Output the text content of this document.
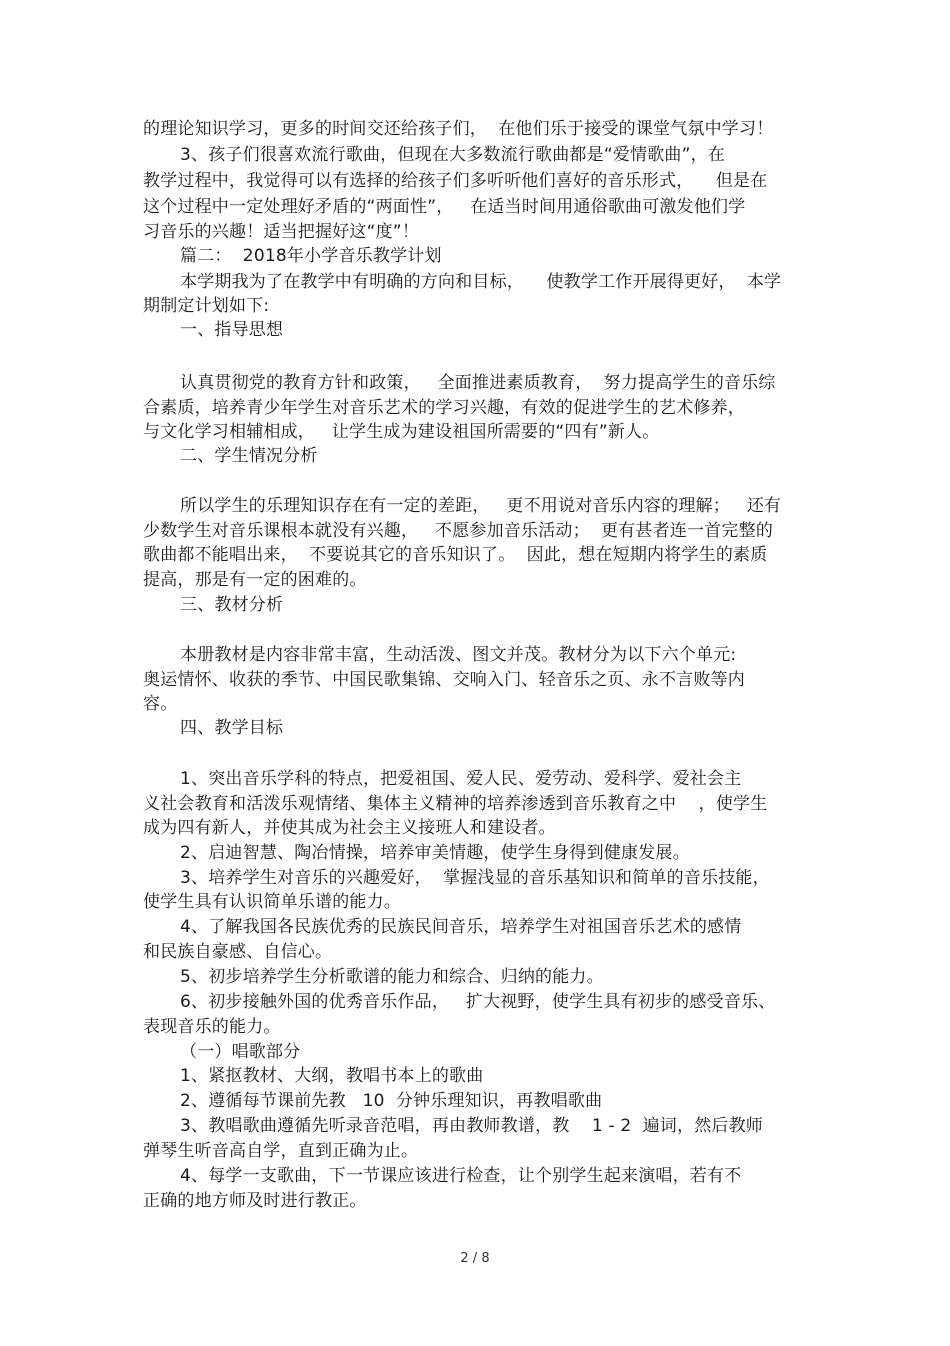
的理论知识学习，更多的时间交还给孩子们，  在他们乐于接受的课堂气氛中学习！

3、孩子们很喜欢流行歌曲，但现在大多数流行歌曲都是“爱情歌曲”，在

教学过程中，我觉得可以有选择的给孩子们多听听他们喜好的音乐形式，    但是在

这个过程中一定处理好矛盾的“两面性”，   在适当时间用通俗歌曲可激发他们学

习音乐的兴趣！适当把握好这“度”！

篇二：  2018年小学音乐教学计划

本学期我为了在教学中有明确的方向和目标，    使教学工作开展得更好，  本学

期制定计划如下:

一、指导思想

认真贯彻党的教育方针和政策，   全面推进素质教育，  努力提高学生的音乐综

合素质，培养青少年学生对音乐艺术的学习兴趣，有效的促进学生的艺术修养，

与文化学习相辅相成，   让学生成为建设祖国所需要的“四有”新人。

二、学生情况分析

所以学生的乐理知识存在有一定的差距，   更不用说对音乐内容的理解；   还有

少数学生对音乐课根本就没有兴趣，   不愿参加音乐活动；  更有甚者连一首完整的

歌曲都不能唱出来，  不要说其它的音乐知识了。  因此，想在短期内将学生的素质

提高，那是有一定的困难的。

三、教材分析

本册教材是内容非常丰富，生动活泼、图文并茂。教材分为以下六个单元:

奥运情怀、收获的季节、中国民歌集锦、交响入门、轻音乐之页、永不言败等内

容。

四、教学目标

1、突出音乐学科的特点，把爱祖国、爱人民、爱劳动、爱科学、爱社会主

义社会教育和活泼乐观情绪、集体主义精神的培养渗透到音乐教育之中    ，使学生

成为四有新人，并使其成为社会主义接班人和建设者。

2、启迪智慧、陶冶情操，培养审美情趣，使学生身得到健康发展。

3、培养学生对音乐的兴趣爱好，  掌握浅显的音乐基知识和简单的音乐技能，

使学生具有认识简单乐谱的能力。

4、了解我国各民族优秀的民族民间音乐，培养学生对祖国音乐艺术的感情

和民族自豪感、自信心。

5、初步培养学生分析歌谱的能力和综合、归纳的能力。

6、初步接触外国的优秀音乐作品，   扩大视野，使学生具有初步的感受音乐、

表现音乐的能力。

（一）唱歌部分

1、紧抠教材、大纲，教唱书本上的歌曲

2、遵循每节课前先教   10  分钟乐理知识，再教唱歌曲

3、教唱歌曲遵循先听录音范唱，再由教师教谱，教    1 - 2  遍词，然后教师

弹琴生听音高自学，直到正确为止。

4、每学一支歌曲，下一节课应该进行检查，让个别学生起来演唱，若有不

正确的地方师及时进行教正。

2 / 8
